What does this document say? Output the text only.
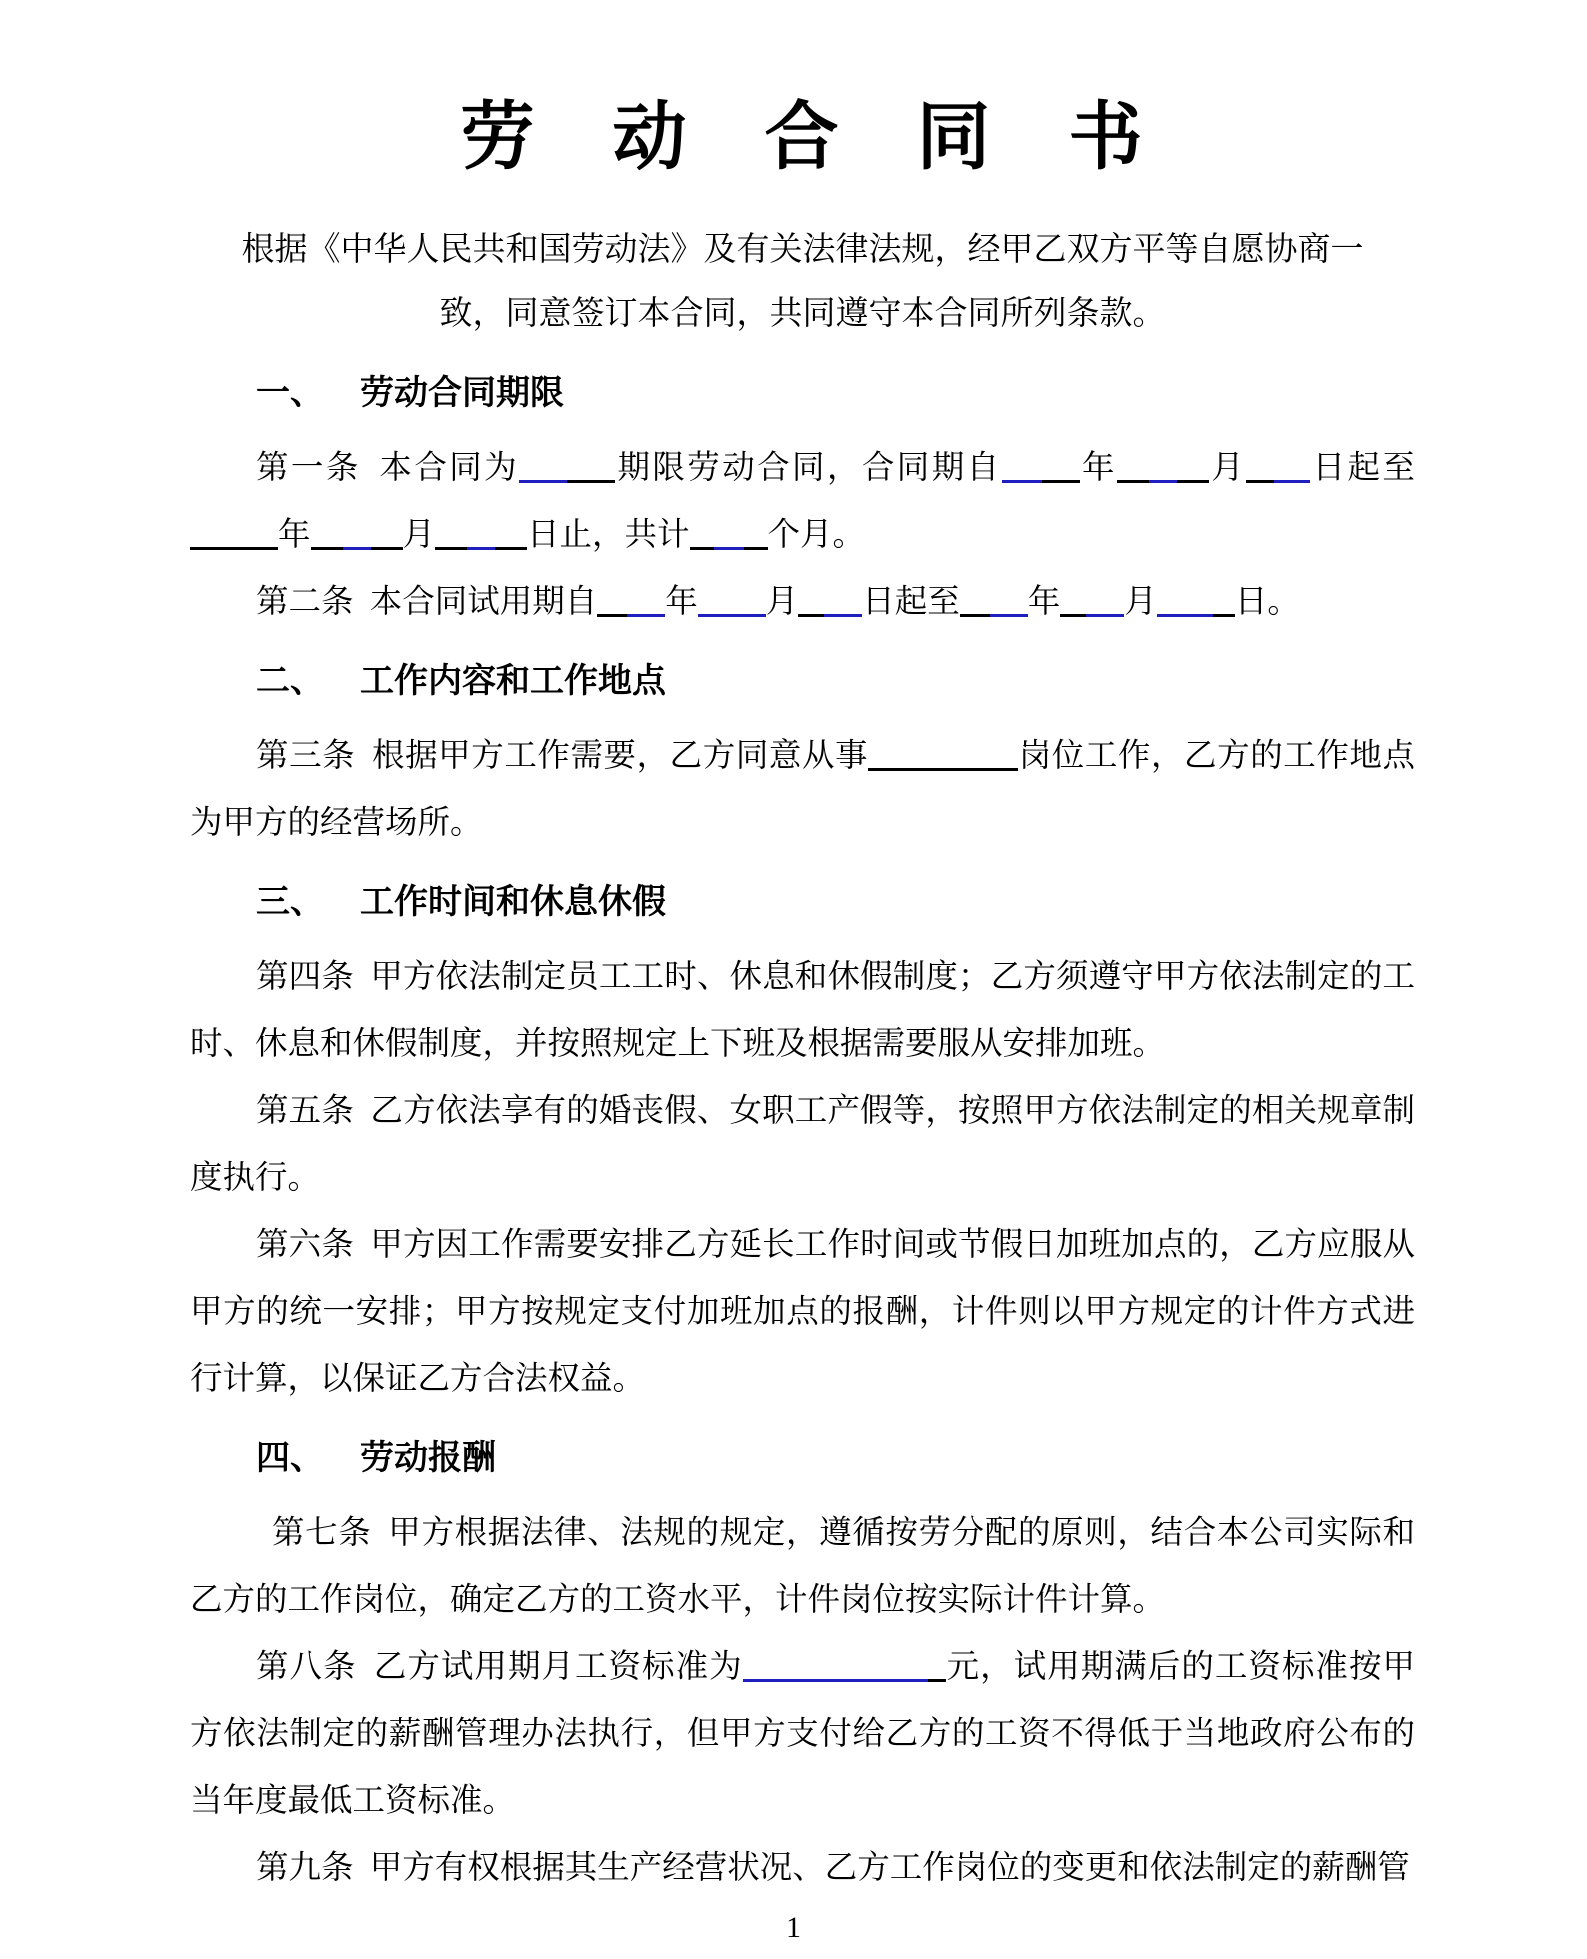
劳　动　合　同　书
根据《中华人民共和国劳动法》及有关法律法规，经甲乙双方平等自愿协商一
致，同意签订本合同，共同遵守本合同所列条款。
一、 劳动合同期限

第一条 本合同为	期限劳动合同，合同期自 年	月 日起至年	月	日止，共计 个月。

第二条 本合同试用期自 年 月 日起至 年 月 日。

二、 工作内容和工作地点

第三条 根据甲方工作需要，乙方同意从事	岗位工作，乙方的工作地点为甲方的经营场所。

三、 工作时间和休息休假

第四条 甲方依法制定员工工时、休息和休假制度；乙方须遵守甲方依法制定的工时、休息和休假制度，并按照规定上下班及根据需要服从安排加班。

第五条 乙方依法享有的婚丧假、女职工产假等，按照甲方依法制定的相关规章制度执行。

第六条 甲方因工作需要安排乙方延长工作时间或节假日加班加点的，乙方应服从甲方的统一安排；甲方按规定支付加班加点的报酬，计件则以甲方规定的计件方式进行计算，以保证乙方合法权益。

四、 劳动报酬

第七条 甲方根据法律、法规的规定，遵循按劳分配的原则，结合本公司实际和乙方的工作岗位，确定乙方的工资水平，计件岗位按实际计件计算。

第八条 乙方试用期月工资标准为	元，试用期满后的工资标准按甲方依法制定的薪酬管理办法执行，但甲方支付给乙方的工资不得低于当地政府公布的当年度最低工资标准。

第九条 甲方有权根据其生产经营状况、乙方工作岗位的变更和依法制定的薪酬管

1
